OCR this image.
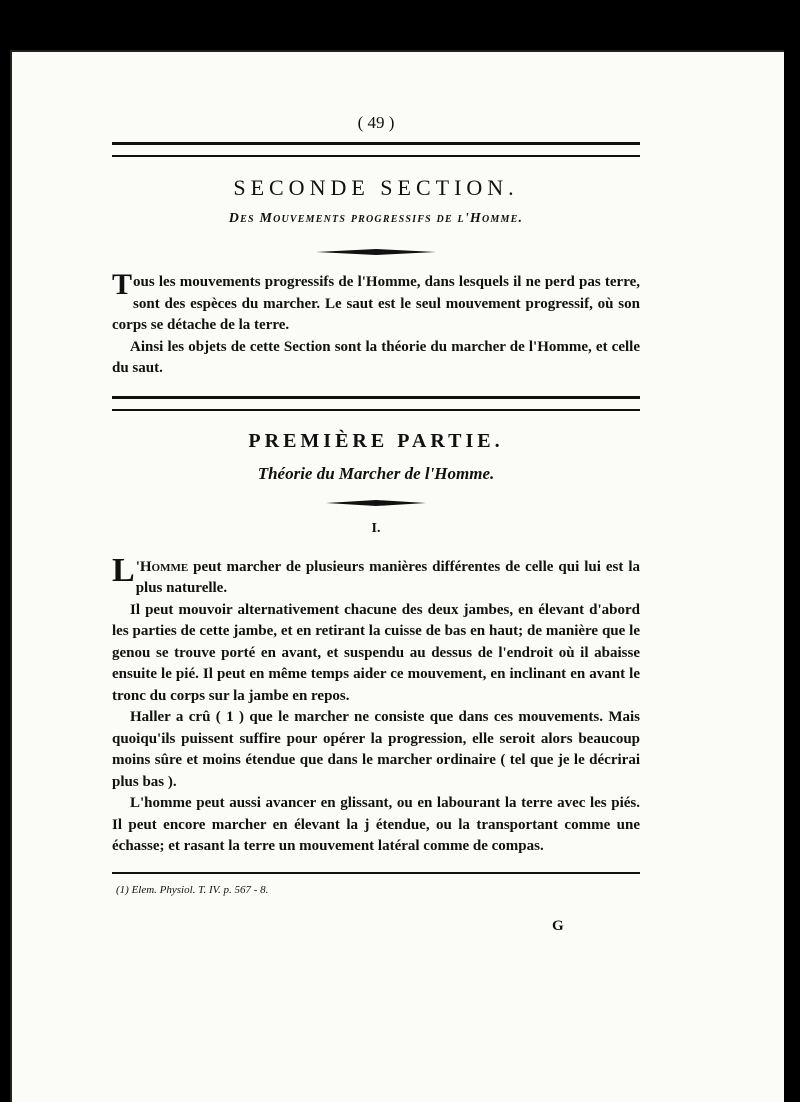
( 49 )
SECONDE SECTION.
Des Mouvements progressifs de l'Homme.

Tous les mouvements progressifs de l'Homme, dans lesquels il ne perd pas terre, sont des espèces du marcher. Le saut est le seul mouvement progressif, où son corps se détache de la terre.

Ainsi les objets de cette Section sont la théorie du marcher de l'Homme, et celle du saut.

PREMIÈRE PARTIE.
Théorie du Marcher de l'Homme.
I.

L 'Homme peut marcher de plusieurs manières différentes de celle qui lui est la plus naturelle.

Il peut mouvoir alternativement chacune des deux jambes, en élevant d'abord les parties de cette jambe, et en retirant la cuisse de bas en haut; de manière que le genou se trouve porté en avant, et suspendu au dessus de l'endroit où il abaisse ensuite le pié. Il peut en même temps aider ce mouvement, en inclinant en avant le tronc du corps sur la jambe en repos.

Haller a crû ( 1 ) que le marcher ne consiste que dans ces mouvements. Mais quoiqu'ils puissent suffire pour opérer la progression, elle seroit alors beaucoup moins sûre et moins étendue que dans le marcher ordinaire ( tel que je le décrirai plus bas ).

L'homme peut aussi avancer en glissant, ou en labourant la terre avec les piés. Il peut encore marcher en élevant la j étendue, ou la transportant comme une échasse; et rasant la terre un mouvement latéral comme de compas.

(1) Elem. Physiol. T. IV. p. 567 - 8.
G
